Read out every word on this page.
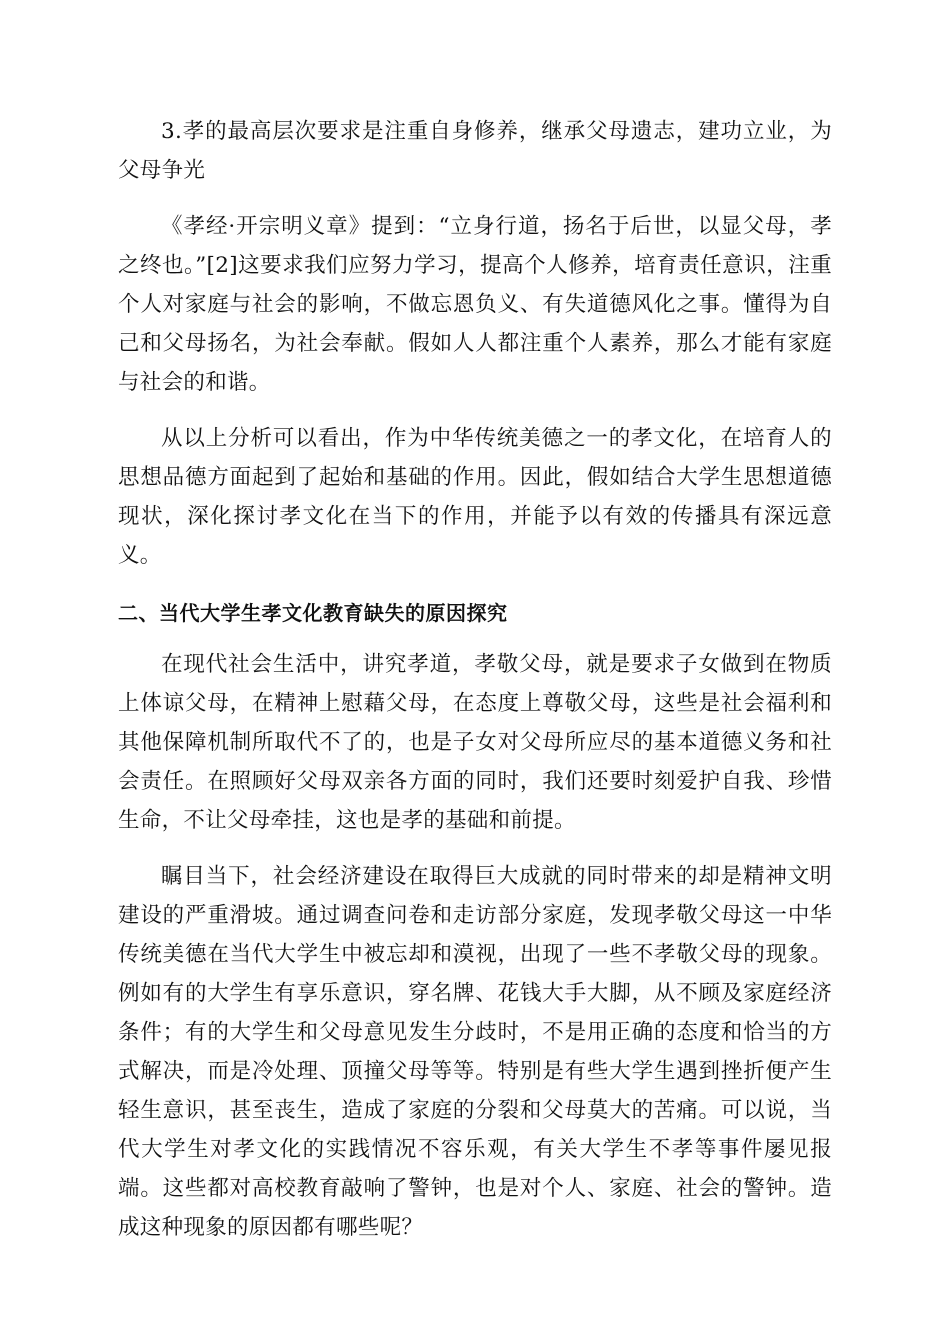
3.孝的最高层次要求是注重自身修养，继承父母遗志，建功立业，为父母争光

《孝经·开宗明义章》提到：“立身行道，扬名于后世，以显父母，孝之终也。”[2]这要求我们应努力学习，提高个人修养，培育责任意识，注重个人对家庭与社会的影响，不做忘恩负义、有失道德风化之事。懂得为自己和父母扬名，为社会奉献。假如人人都注重个人素养，那么才能有家庭与社会的和谐。

从以上分析可以看出，作为中华传统美德之一的孝文化，在培育人的思想品德方面起到了起始和基础的作用。因此，假如结合大学生思想道德现状，深化探讨孝文化在当下的作用，并能予以有效的传播具有深远意义。

二、当代大学生孝文化教育缺失的原因探究

在现代社会生活中，讲究孝道，孝敬父母，就是要求子女做到在物质上体谅父母，在精神上慰藉父母，在态度上尊敬父母，这些是社会福利和其他保障机制所取代不了的，也是子女对父母所应尽的基本道德义务和社会责任。在照顾好父母双亲各方面的同时，我们还要时刻爱护自我、珍惜生命，不让父母牵挂，这也是孝的基础和前提。

瞩目当下，社会经济建设在取得巨大成就的同时带来的却是精神文明建设的严重滑坡。通过调查问卷和走访部分家庭，发现孝敬父母这一中华传统美德在当代大学生中被忘却和漠视，出现了一些不孝敬父母的现象。例如有的大学生有享乐意识，穿名牌、花钱大手大脚，从不顾及家庭经济条件；有的大学生和父母意见发生分歧时，不是用正确的态度和恰当的方式解决，而是冷处理、顶撞父母等等。特别是有些大学生遇到挫折便产生轻生意识，甚至丧生，造成了家庭的分裂和父母莫大的苦痛。可以说，当代大学生对孝文化的实践情况不容乐观，有关大学生不孝等事件屡见报端。这些都对高校教育敲响了警钟，也是对个人、家庭、社会的警钟。造成这种现象的原因都有哪些呢？
